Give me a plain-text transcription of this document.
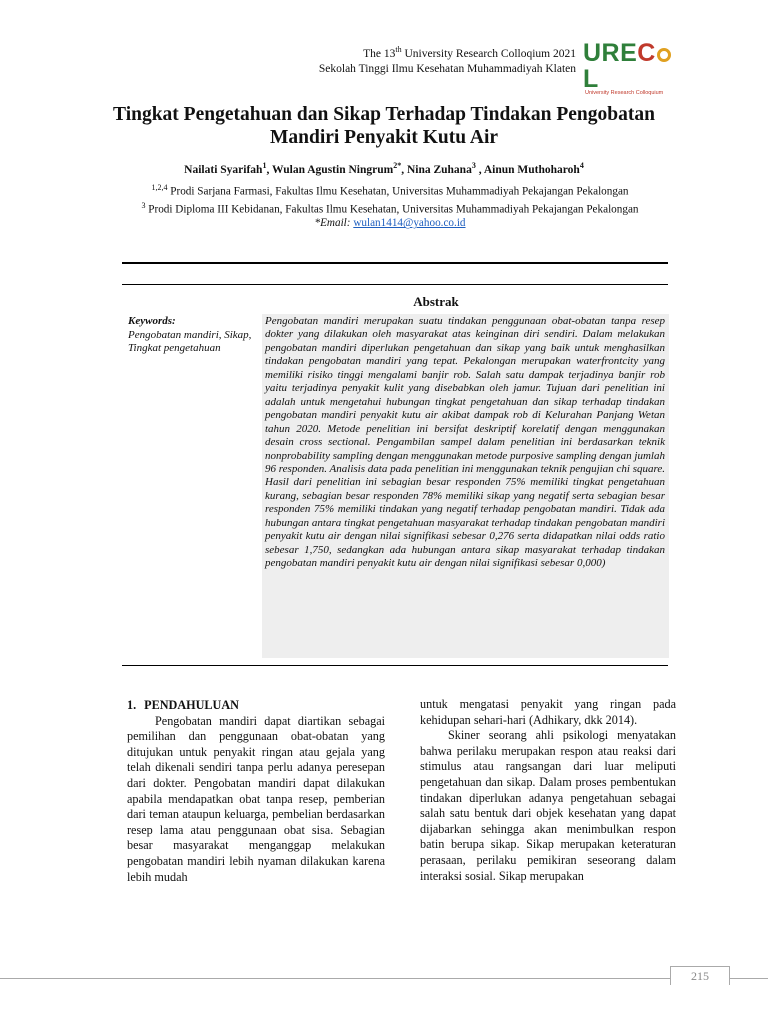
The 13th University Research Colloqium 2021
Sekolah Tinggi Ilmu Kesehatan Muhammadiyah Klaten
URECL
University Research Colloquium
Tingkat Pengetahuan dan Sikap Terhadap Tindakan Pengobatan Mandiri Penyakit Kutu Air
Nailati Syarifah$^1$, Wulan Agustin Ningrum$^{2*}$, Nina Zuhana$^3$ , Ainun Muthoharoh$^4$
$^{1,2,4}$ Prodi Sarjana Farmasi, Fakultas Ilmu Kesehatan, Universitas Muhammadiyah Pekajangan Pekalongan
$^3$ Prodi Diploma III Kebidanan, Fakultas Ilmu Kesehatan, Universitas Muhammadiyah Pekajangan Pekalongan
*Email: wulan1414@yahoo.co.id
Abstrak
Keywords:
Pengobatan mandiri, Sikap, Tingkat pengetahuan
Pengobatan mandiri merupakan suatu tindakan penggunaan obat-obatan tanpa resep dokter yang dilakukan oleh masyarakat atas keinginan diri sendiri. Dalam melakukan pengobatan mandiri diperlukan pengetahuan dan sikap yang baik untuk menghasilkan tindakan pengobatan mandiri yang tepat. Pekalongan merupakan waterfrontcity yang memiliki risiko tinggi mengalami banjir rob. Salah satu dampak terjadinya banjir rob yaitu terjadinya penyakit kulit yang disebabkan oleh jamur. Tujuan dari penelitian ini adalah untuk mengetahui hubungan tingkat pengetahuan dan sikap terhadap tindakan pengobatan mandiri penyakit kutu air akibat dampak rob di Kelurahan Panjang Wetan tahun 2020. Metode penelitian ini bersifat deskriptif korelatif dengan menggunakan desain cross sectional. Pengambilan sampel dalam penelitian ini berdasarkan teknik nonprobability sampling dengan menggunakan metode purposive sampling dengan jumlah 96 responden. Analisis data pada penelitian ini menggunakan teknik pengujian chi square. Hasil dari penelitian ini sebagian besar responden 75% memiliki tingkat pengetahuan kurang, sebagian besar responden 78% memiliki sikap yang negatif serta sebagian besar responden 75% memiliki tindakan yang negatif terhadap pengobatan mandiri. Tidak ada hubungan antara tingkat pengetahuan masyarakat terhadap tindakan pengobatan mandiri penyakit kutu air dengan nilai signifikasi sebesar 0,276 serta didapatkan nilai odds ratio sebesar 1,750, sedangkan ada hubungan antara sikap masyarakat terhadap tindakan pengobatan mandiri penyakit kutu air dengan nilai signifikasi sebesar 0,000)
1. PENDAHULUAN

Pengobatan mandiri dapat diartikan sebagai pemilihan dan penggunaan obat-obatan yang ditujukan untuk penyakit ringan atau gejala yang telah dikenali sendiri tanpa perlu adanya peresepan dari dokter. Pengobatan mandiri dapat dilakukan apabila mendapatkan obat tanpa resep, pemberian dari teman ataupun keluarga, pembelian berdasarkan resep lama atau penggunaan obat sisa. Sebagian besar masyarakat menganggap melakukan pengobatan mandiri lebih nyaman dilakukan karena lebih mudah

untuk mengatasi penyakit yang ringan pada kehidupan sehari-hari (Adhikary, dkk 2014).

Skiner seorang ahli psikologi menyatakan bahwa perilaku merupakan respon atau reaksi dari stimulus atau rangsangan dari luar meliputi pengetahuan dan sikap. Dalam proses pembentukan tindakan diperlukan adanya pengetahuan sebagai salah satu bentuk dari objek kesehatan yang dapat dijabarkan sehingga akan menimbulkan respon batin berupa sikap. Sikap merupakan keteraturan perasaan, perilaku pemikiran seseorang dalam interaksi sosial. Sikap merupakan

215
